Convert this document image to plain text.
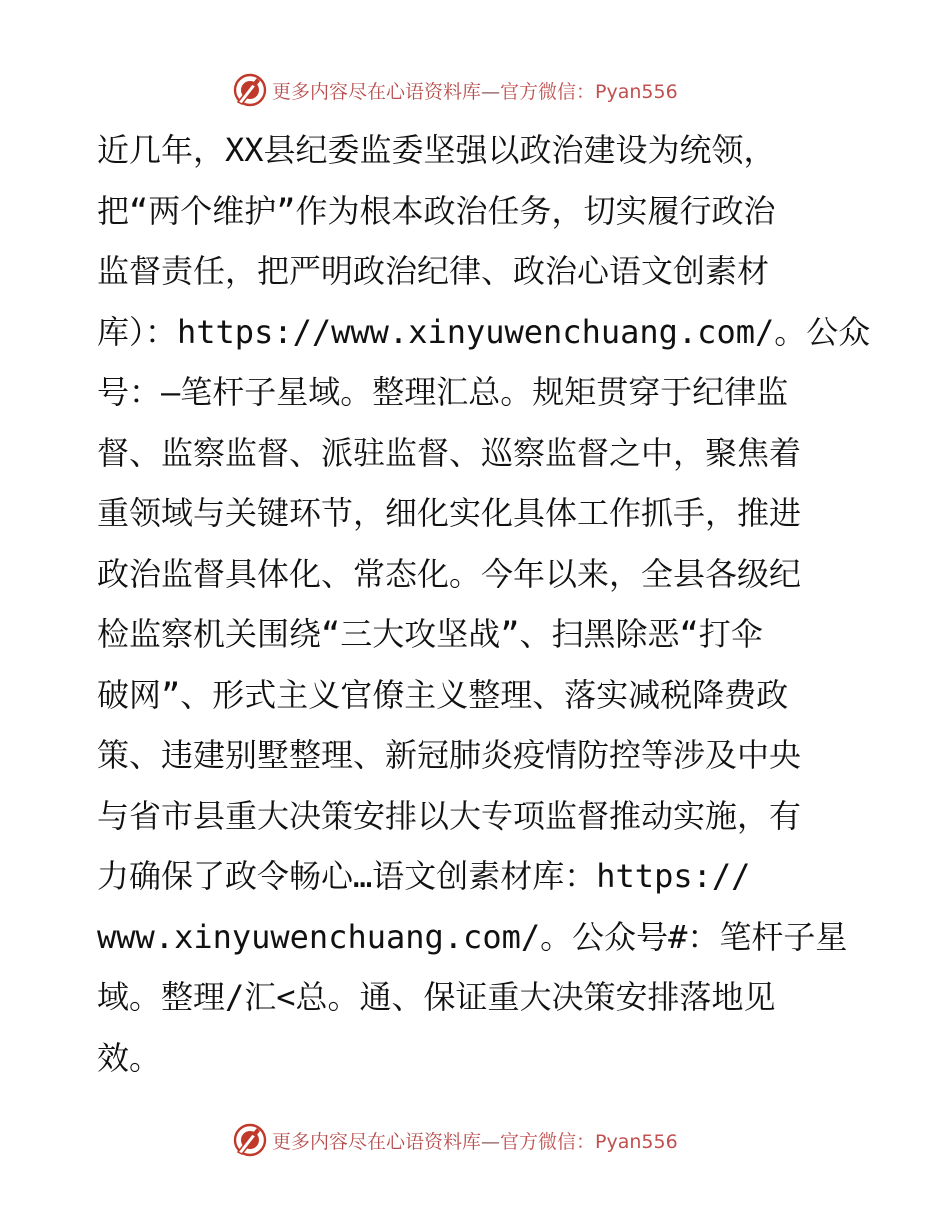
更多内容尽在心语资料库—官方微信：Pyan556
近几年，XX县纪委监委坚强以政治建设为统领，
把“两个维护”作为根本政治任务，切实履行政治
监督责任，把严明政治纪律、政治心语文创素材
库）：https://www.xinyuwenchuang.com/。公众
号：—笔杆子星域。整理汇总。规矩贯穿于纪律监
督、监察监督、派驻监督、巡察监督之中，聚焦着
重领域与关键环节，细化实化具体工作抓手，推进
政治监督具体化、常态化。今年以来，全县各级纪
检监察机关围绕“三大攻坚战”、扫黑除恶“打伞
破网”、形式主义官僚主义整理、落实减税降费政
策、违建别墅整理、新冠肺炎疫情防控等涉及中央
与省市县重大决策安排以大专项监督推动实施，有
力确保了政令畅心…语文创素材库：https://
www.xinyuwenchuang.com/。公众号#：笔杆子星
域。整理/汇<总。通、保证重大决策安排落地见
效。
更多内容尽在心语资料库—官方微信：Pyan556
